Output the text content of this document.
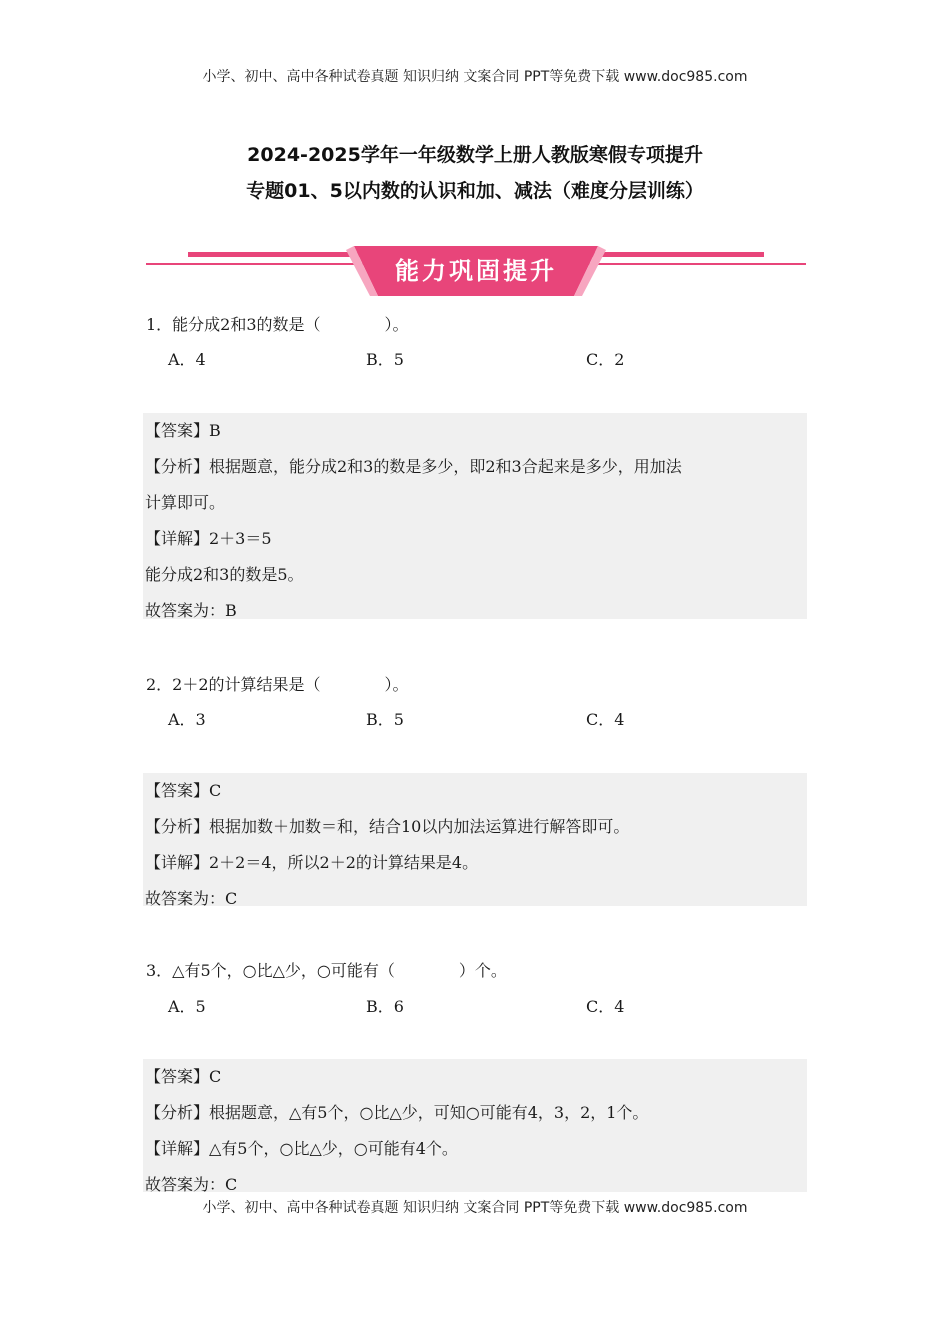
小学、初中、高中各种试卷真题 知识归纳 文案合同 PPT等免费下载 www.doc985.com
2024-2025学年一年级数学上册人教版寒假专项提升
专题01、5以内数的认识和加、减法（难度分层训练）
能力巩固提升
1．能分成2和3的数是（　　　　）。
A．4	B．5	C．2
【答案】B
【分析】根据题意，能分成2和3的数是多少，即2和3合起来是多少，用加法
计算即可。
【详解】2＋3＝5
能分成2和3的数是5。
故答案为：B
2．2＋2的计算结果是（　　　　）。
A．3	B．5	C．4
【答案】C
【分析】根据加数＋加数＝和，结合10以内加法运算进行解答即可。
【详解】2＋2＝4，所以2＋2的计算结果是4。
故答案为：C
3．△有5个，○比△少，○可能有（　　　　）个。
A．5	B．6	C．4
【答案】C
【分析】根据题意，△有5个，○比△少，可知○可能有4，3，2，1个。
【详解】△有5个，○比△少，○可能有4个。
故答案为：C
小学、初中、高中各种试卷真题 知识归纳 文案合同 PPT等免费下载 www.doc985.com
